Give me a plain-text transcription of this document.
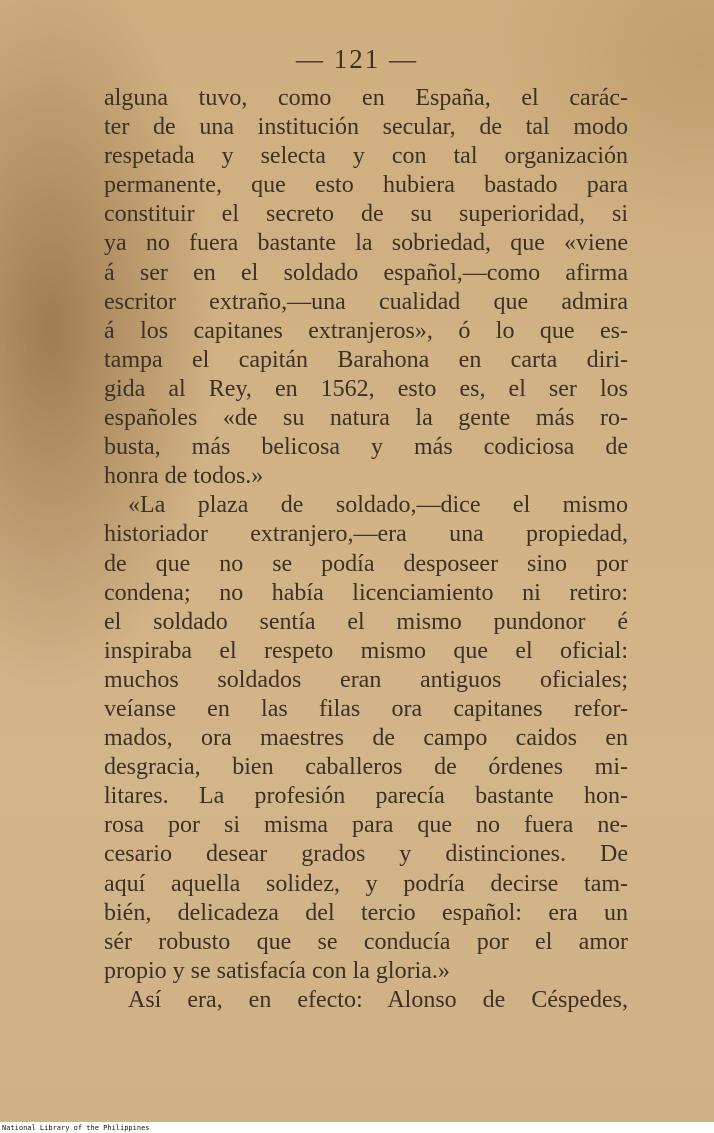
— 121 —
alguna tuvo, como en España, el carác-
ter de una institución secular, de tal modo
respetada y selecta y con tal organización
permanente, que esto hubiera bastado para
constituir el secreto de su superioridad, si
ya no fuera bastante la sobriedad, que «viene
á ser en el soldado español,—como afirma
escritor extraño,—una cualidad que admira
á los capitanes extranjeros», ó lo que es-
tampa el capitán Barahona en carta diri-
gida al Rey, en 1562, esto es, el ser los
españoles «de su natura la gente más ro-
busta, más belicosa y más codiciosa de
honra de todos.»
«La plaza de soldado,—dice el mismo
historiador extranjero,—era una propiedad,
de que no se podía desposeer sino por
condena; no había licenciamiento ni retiro:
el soldado sentía el mismo pundonor é
inspiraba el respeto mismo que el oficial:
muchos soldados eran antiguos oficiales;
veíanse en las filas ora capitanes refor-
mados, ora maestres de campo caidos en
desgracia, bien caballeros de órdenes mi-
litares. La profesión parecía bastante hon-
rosa por si misma para que no fuera ne-
cesario desear grados y distinciones. De
aquí aquella solidez, y podría decirse tam-
bién, delicadeza del tercio español: era un
sér robusto que se conducía por el amor
propio y se satisfacía con la gloria.»
Así era, en efecto: Alonso de Céspedes,
National Library of the Philippines
